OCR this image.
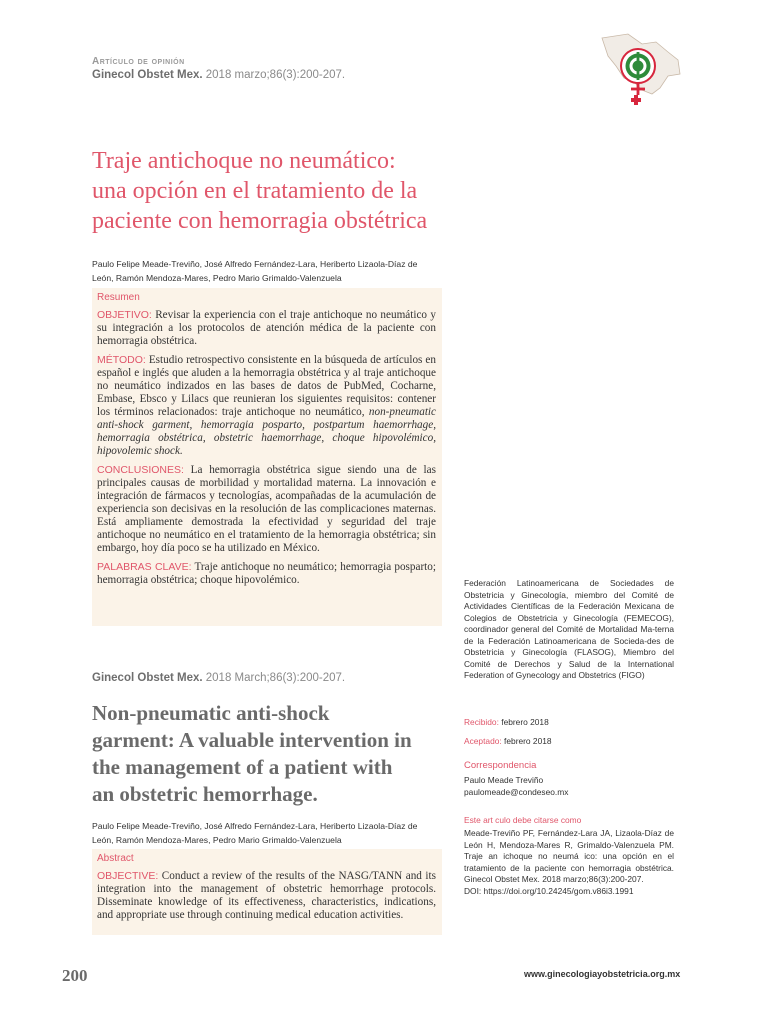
Artículo de opinión
Ginecol Obstet Mex. 2018 marzo;86(3):200-207.
Traje antichoque no neumático: una opción en el tratamiento de la paciente con hemorragia obstétrica
Paulo Felipe Meade-Treviño, José Alfredo Fernández-Lara, Heriberto Lizaola-Díaz de León, Ramón Mendoza-Mares, Pedro Mario Grimaldo-Valenzuela
Resumen
OBJETIVO: Revisar la experiencia con el traje antichoque no neumático y su integración a los protocolos de atención médica de la paciente con hemorragia obstétrica.
MÉTODO: Estudio retrospectivo consistente en la búsqueda de artículos en español e inglés que aluden a la hemorragia obstétrica y al traje antichoque no neumático indizados en las bases de datos de PubMed, Cocharne, Embase, Ebsco y Lilacs que reunieran los siguientes requisitos: contener los términos relacionados: traje antichoque no neumático, non-pneumatic anti-shock garment, hemorragia posparto, postpartum haemorrhage, hemorragia obstétrica, obstetric haemorrhage, choque hipovolémico, hipovolemic shock.
CONCLUSIONES: La hemorragia obstétrica sigue siendo una de las principales causas de morbilidad y mortalidad materna. La innovación e integración de fármacos y tecnologías, acompañadas de la acumulación de experiencia son decisivas en la resolución de las complicaciones maternas. Está ampliamente demostrada la efectividad y seguridad del traje antichoque no neumático en el tratamiento de la hemorragia obstétrica; sin embargo, hoy día poco se ha utilizado en México.
PALABRAS CLAVE: Traje antichoque no neumático; hemorragia posparto; hemorragia obstétrica; choque hipovolémico.
Ginecol Obstet Mex. 2018 March;86(3):200-207.
Non-pneumatic anti-shock garment: A valuable intervention in the management of a patient with an obstetric hemorrhage.
Paulo Felipe Meade-Treviño, José Alfredo Fernández-Lara, Heriberto Lizaola-Díaz de León, Ramón Mendoza-Mares, Pedro Mario Grimaldo-Valenzuela
Abstract
OBJECTIVE: Conduct a review of the results of the NASG/TANN and its integration into the management of obstetric hemorrhage protocols. Disseminate knowledge of its effectiveness, characteristics, indications, and appropriate use through continuing medical education activities.
Federación Latinoamericana de Sociedades de Obstetricia y Ginecología, miembro del Comité de Actividades Científicas de la Federación Mexicana de Colegios de Obstetricia y Ginecología (FEMECOG), coordinador general del Comité de Mortalidad Ma-terna de la Federación Latinoamericana de Socieda-des de Obstetricia y Ginecología (FLASOG), Miembro del Comité de Derechos y Salud de la International Federation of Gynecology and Obstetrics (FIGO)
Recibido: febrero 2018
Aceptado: febrero 2018
Correspondencia
Paulo Meade Treviño
paulomeade@condeseo.mx
Este art culo debe citarse como
Meade-Treviño PF, Fernández-Lara JA, Lizaola-Díaz de León H, Mendoza-Mares R, Grimaldo-Valenzuela PM. Traje an ichoque no neumá ico: una opción en el tratamiento de la paciente con hemorragia obstétrica. Ginecol Obstet Mex. 2018 marzo;86(3):200-207.
DOI: https://doi.org/10.24245/gom.v86i3.1991
200	www.ginecologiayobstetricia.org.mx
